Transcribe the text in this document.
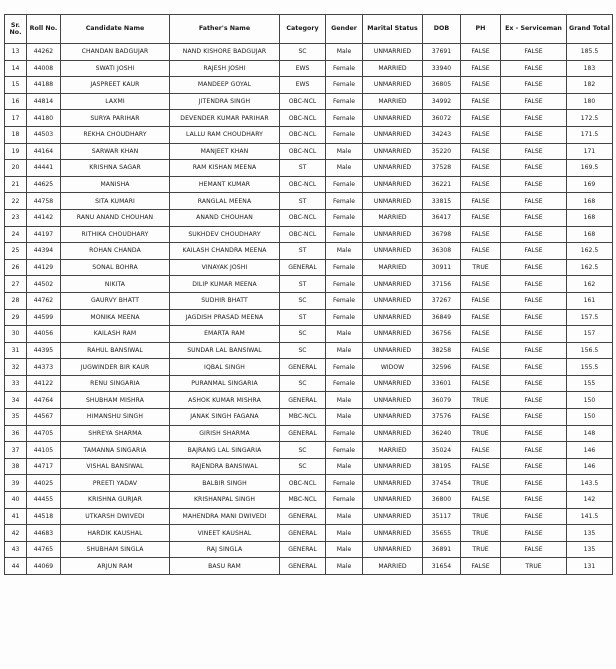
Sr. No.	Roll No.	Candidate Name	Father's Name	Category	Gender	Marital Status	DOB	PH	Ex - Serviceman	Grand Total
13	44262	CHANDAN BADGUJAR	NAND KISHORE BADGUJAR	SC	Male	UNMARRIED	37691	FALSE	FALSE	185.5
14	44008	SWATI JOSHI	RAJESH JOSHI	EWS	Female	MARRIED	33940	FALSE	FALSE	183
15	44188	JASPREET KAUR	MANDEEP GOYAL	EWS	Female	UNMARRIED	36805	FALSE	FALSE	182
16	44814	LAXMI	JITENDRA SINGH	OBC-NCL	Female	MARRIED	34992	FALSE	FALSE	180
17	44180	SURYA PARIHAR	DEVENDER KUMAR PARIHAR	OBC-NCL	Female	UNMARRIED	36072	FALSE	FALSE	172.5
18	44503	REKHA CHOUDHARY	LALLU RAM CHOUDHARY	OBC-NCL	Female	UNMARRIED	34243	FALSE	FALSE	171.5
19	44164	SARWAR KHAN	MANJEET KHAN	OBC-NCL	Male	UNMARRIED	35220	FALSE	FALSE	171
20	44441	KRISHNA SAGAR	RAM KISHAN MEENA	ST	Male	UNMARRIED	37528	FALSE	FALSE	169.5
21	44625	MANISHA	HEMANT KUMAR	OBC-NCL	Female	UNMARRIED	36221	FALSE	FALSE	169
22	44758	SITA KUMARI	RANGLAL MEENA	ST	Female	UNMARRIED	33815	FALSE	FALSE	168
23	44142	RANU ANAND CHOUHAN	ANAND CHOUHAN	OBC-NCL	Female	MARRIED	36417	FALSE	FALSE	168
24	44197	RITHIKA CHOUDHARY	SUKHDEV CHOUDHARY	OBC-NCL	Female	UNMARRIED	36798	FALSE	FALSE	168
25	44394	ROHAN CHANDA	KAILASH CHANDRA MEENA	ST	Male	UNMARRIED	36308	FALSE	FALSE	162.5
26	44129	SONAL BOHRA	VINAYAK JOSHI	GENERAL	Female	MARRIED	30911	TRUE	FALSE	162.5
27	44502	NIKITA	DILIP KUMAR MEENA	ST	Female	UNMARRIED	37156	FALSE	FALSE	162
28	44762	GAURVY BHATT	SUDHIR BHATT	SC	Female	UNMARRIED	37267	FALSE	FALSE	161
29	44599	MONIKA MEENA	JAGDISH PRASAD MEENA	ST	Female	UNMARRIED	36849	FALSE	FALSE	157.5
30	44056	KAILASH RAM	EMARTA RAM	SC	Male	UNMARRIED	36756	FALSE	FALSE	157
31	44395	RAHUL BANSIWAL	SUNDAR LAL BANSIWAL	SC	Male	UNMARRIED	38258	FALSE	FALSE	156.5
32	44373	JUGWINDER BIR KAUR	IQBAL SINGH	GENERAL	Female	WIDOW	32596	FALSE	FALSE	155.5
33	44122	RENU SINGARIA	PURANMAL SINGARIA	SC	Female	UNMARRIED	33601	FALSE	FALSE	155
34	44764	SHUBHAM MISHRA	ASHOK KUMAR MISHRA	GENERAL	Male	UNMARRIED	36079	TRUE	FALSE	150
35	44567	HIMANSHU SINGH	JANAK SINGH FAGANA	MBC-NCL	Male	UNMARRIED	37576	FALSE	FALSE	150
36	44705	SHREYA SHARMA	GIRISH SHARMA	GENERAL	Female	UNMARRIED	36240	TRUE	FALSE	148
37	44105	TAMANNA SINGARIA	BAJRANG LAL SINGARIA	SC	Female	MARRIED	35024	FALSE	FALSE	146
38	44717	VISHAL BANSIWAL	RAJENDRA BANSIWAL	SC	Male	UNMARRIED	38195	FALSE	FALSE	146
39	44025	PREETI YADAV	BALBIR SINGH	OBC-NCL	Female	UNMARRIED	37454	TRUE	FALSE	143.5
40	44455	KRISHNA GURJAR	KRISHANPAL SINGH	MBC-NCL	Female	UNMARRIED	36800	FALSE	FALSE	142
41	44518	UTKARSH DWIVEDI	MAHENDRA MANI DWIVEDI	GENERAL	Male	UNMARRIED	35117	TRUE	FALSE	141.5
42	44683	HARDIK KAUSHAL	VINEET KAUSHAL	GENERAL	Male	UNMARRIED	35655	TRUE	FALSE	135
43	44765	SHUBHAM SINGLA	RAJ SINGLA	GENERAL	Male	UNMARRIED	36891	TRUE	FALSE	135
44	44069	ARJUN RAM	BASU RAM	GENERAL	Male	MARRIED	31654	FALSE	TRUE	131
